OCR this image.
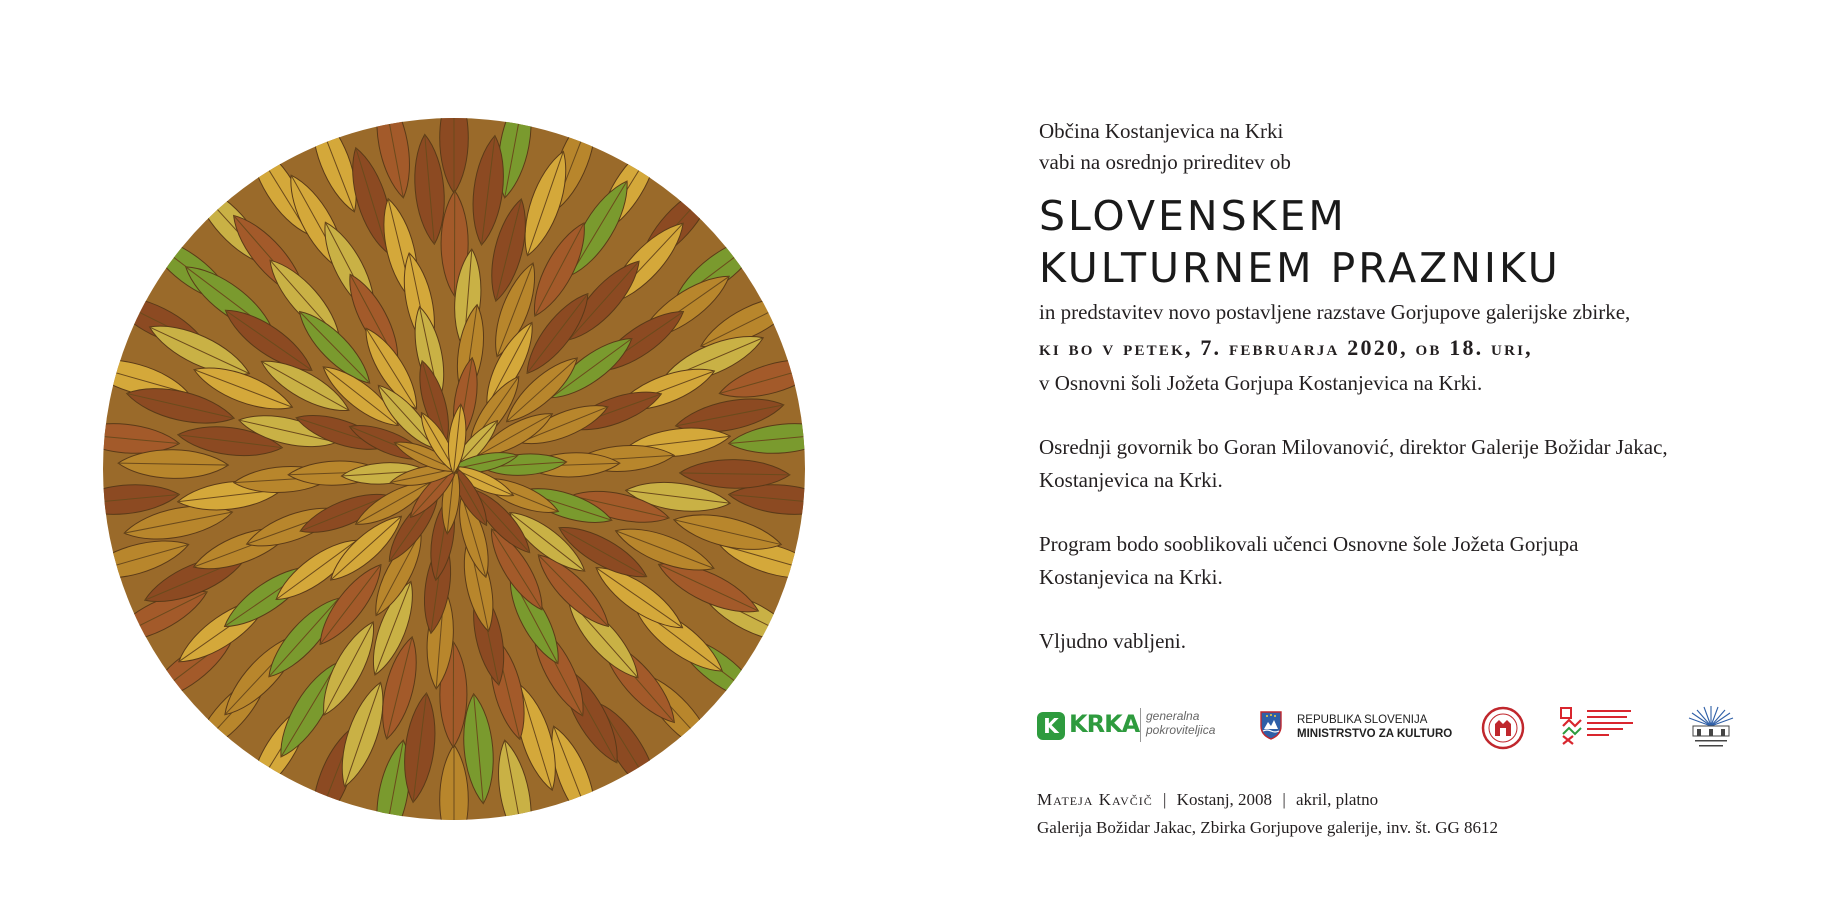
Občina Kostanjevica na Krki
vabi na osrednjo prireditev ob
SLOVENSKEM
KULTURNEM PRAZNIKU
in predstavitev novo postavljene razstave Gorjupove galerijske zbirke,
ki bo v petek, 7. februarja 2020, ob 18. uri,
v Osnovni šoli Jožeta Gorjupa Kostanjevica na Krki.
Osrednji govornik bo Goran Milovanović, direktor Galerije Božidar Jakac,
Kostanjevica na Krki.
Program bodo sooblikovali učenci Osnovne šole Jožeta Gorjupa
Kostanjevica na Krki.
Vljudno vabljeni.
K KRKA generalna
pokroviteljica
REPUBLIKA SLOVENIJA
MINISTRSTVO ZA KULTURO
Mateja Kavčič | Kostanj, 2008 | akril, platno
Galerija Božidar Jakac, Zbirka Gorjupove galerije, inv. št. GG 8612
